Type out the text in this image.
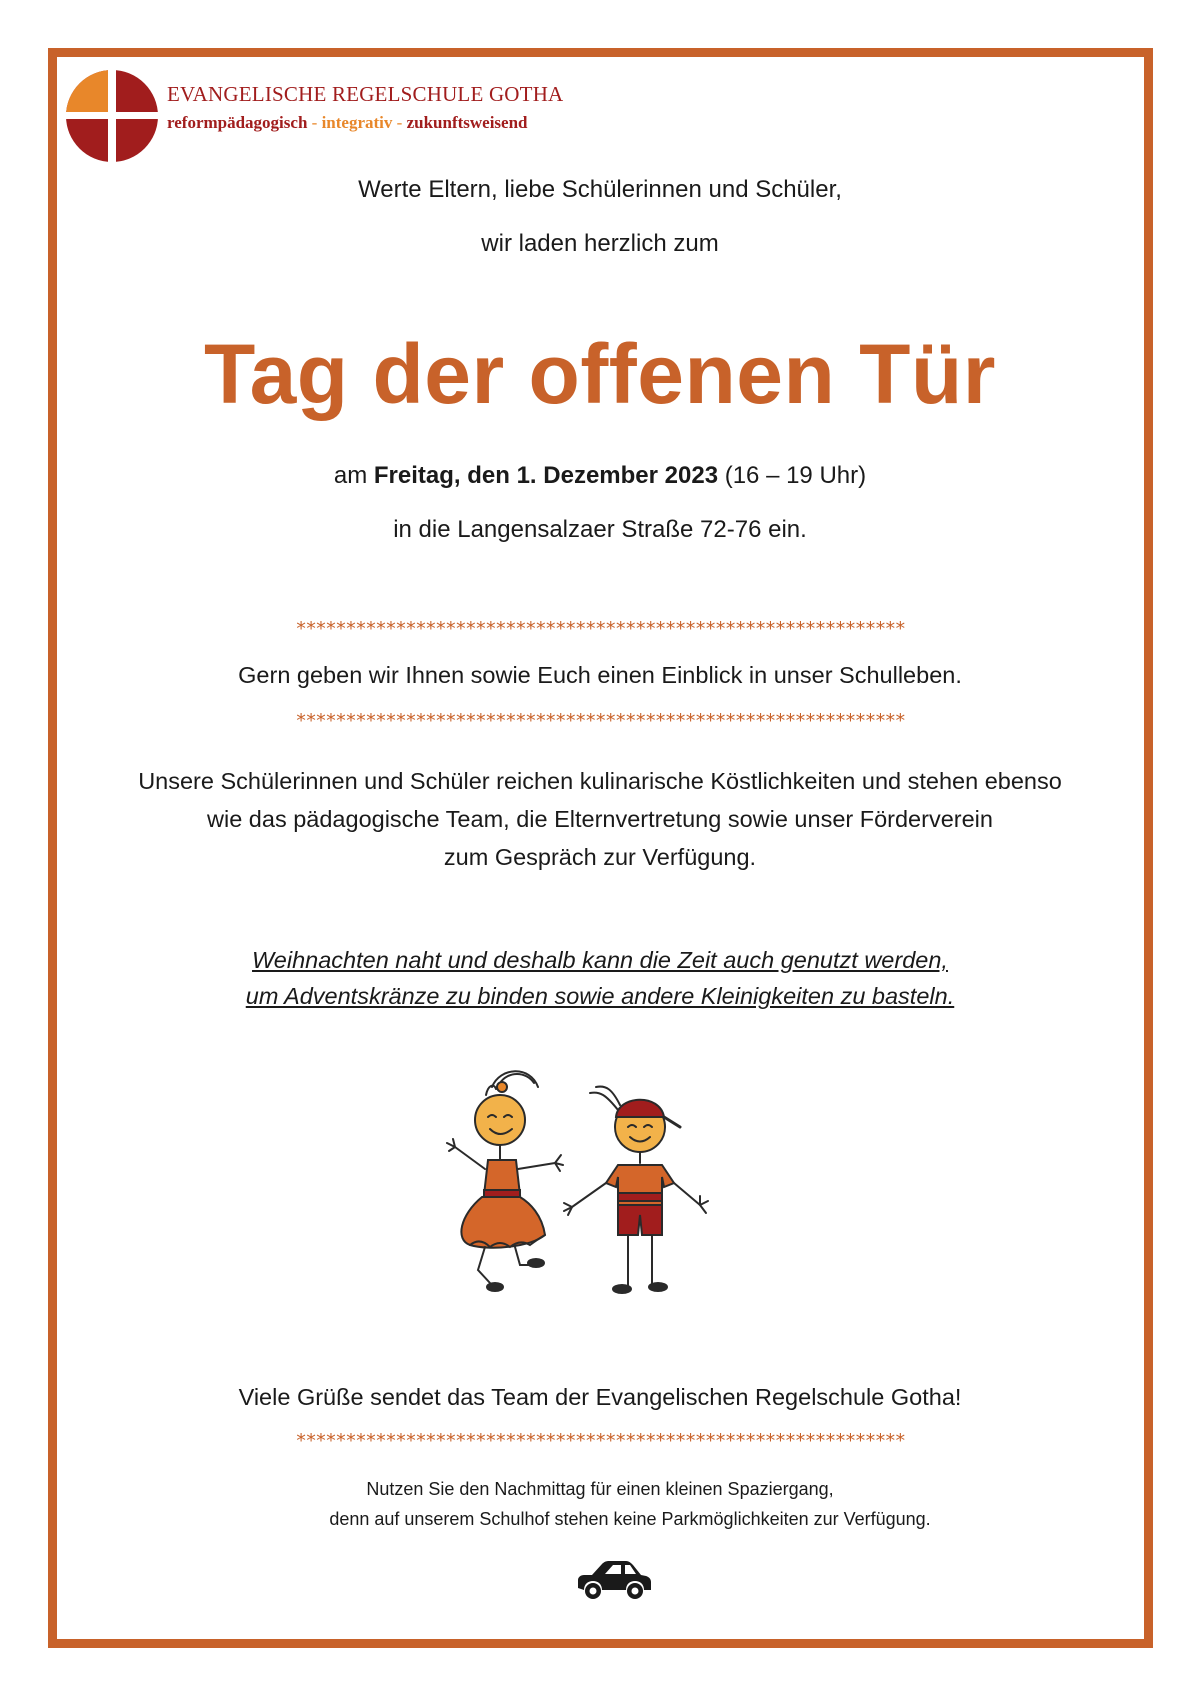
EVANGELISCHE REGELSCHULE GOTHA
reformpädagogisch - integrativ - zukunftsweisend
Werte Eltern, liebe Schülerinnen und Schüler,
wir laden herzlich zum
Tag der offenen Tür
am Freitag, den 1. Dezember 2023 (16 – 19 Uhr)
in die Langensalzaer Straße 72-76 ein.
*************************************************************
Gern geben wir Ihnen sowie Euch einen Einblick in unser Schulleben.
*************************************************************
Unsere Schülerinnen und Schüler reichen kulinarische Köstlichkeiten und stehen ebenso
wie das pädagogische Team, die Elternvertretung sowie unser Förderverein
zum Gespräch zur Verfügung.
Weihnachten naht und deshalb kann die Zeit auch genutzt werden,
um Adventskränze zu binden sowie andere Kleinigkeiten zu basteln.
Viele Grüße sendet das Team der Evangelischen Regelschule Gotha!
*************************************************************
Nutzen Sie den Nachmittag für einen kleinen Spaziergang,
denn auf unserem Schulhof stehen keine Parkmöglichkeiten zur Verfügung.
